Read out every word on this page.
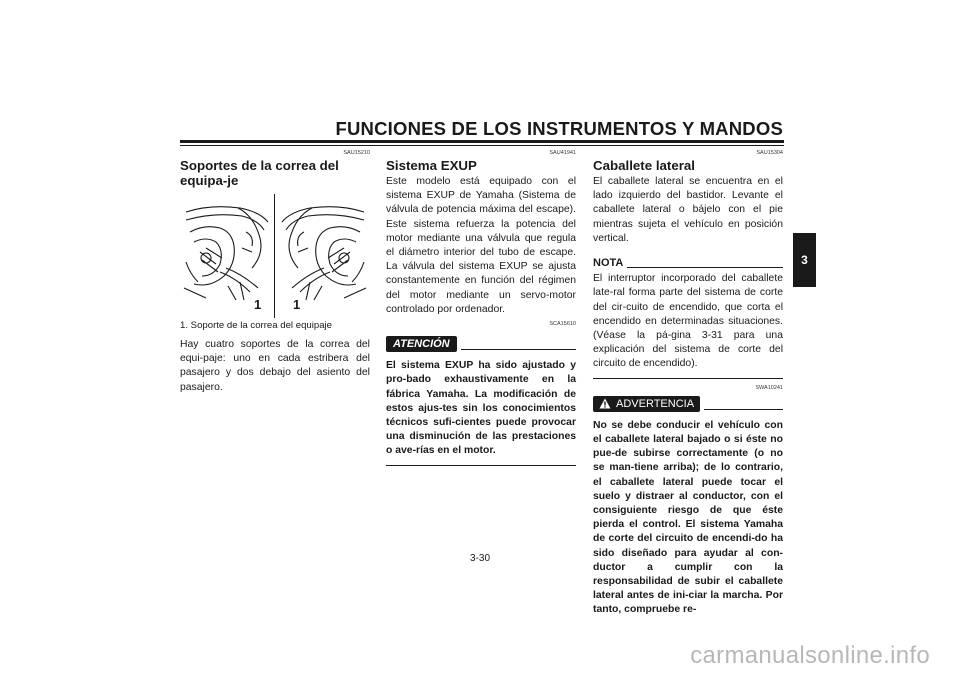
FUNCIONES DE LOS INSTRUMENTOS Y MANDOS
3
SAU15210
Soportes de la correa del equipa-je
1 1
1. Soporte de la correa del equipaje

Hay cuatro soportes de la correa del equi-paje: uno en cada estribera del pasajero y dos debajo del asiento del pasajero.

SAU41941
Sistema EXUP

Este modelo está equipado con el sistema EXUP de Yamaha (Sistema de válvula de potencia máxima del escape). Este sistema refuerza la potencia del motor mediante una válvula que regula el diámetro interior del tubo de escape. La válvula del sistema EXUP se ajusta constantemente en función del régimen del motor mediante un servo-motor controlado por ordenador.

SCA15610
ATENCIÓN

El sistema EXUP ha sido ajustado y pro-bado exhaustivamente en la fábrica Yamaha. La modificación de estos ajus-tes sin los conocimientos técnicos sufi-cientes puede provocar una disminución de las prestaciones o ave-rías en el motor.

SAU15304
Caballete lateral

El caballete lateral se encuentra en el lado izquierdo del bastidor. Levante el caballete lateral o bájelo con el pie mientras sujeta el vehículo en posición vertical.

NOTA

El interruptor incorporado del caballete late-ral forma parte del sistema de corte del cir-cuito de encendido, que corta el encendido en determinadas situaciones. (Véase la pá-gina 3-31 para una explicación del sistema de corte del circuito de encendido).

SWA10241
ADVERTENCIA

No se debe conducir el vehículo con el caballete lateral bajado o si éste no pue-de subirse correctamente (o no se man-tiene arriba); de lo contrario, el caballete lateral puede tocar el suelo y distraer al conductor, con el consiguiente riesgo de que éste pierda el control. El sistema Yamaha de corte del circuito de encendi-do ha sido diseñado para ayudar al con-ductor a cumplir con la responsabilidad de subir el caballete lateral antes de ini-ciar la marcha. Por tanto, compruebe re-

3-30
carmanualsonline.info
